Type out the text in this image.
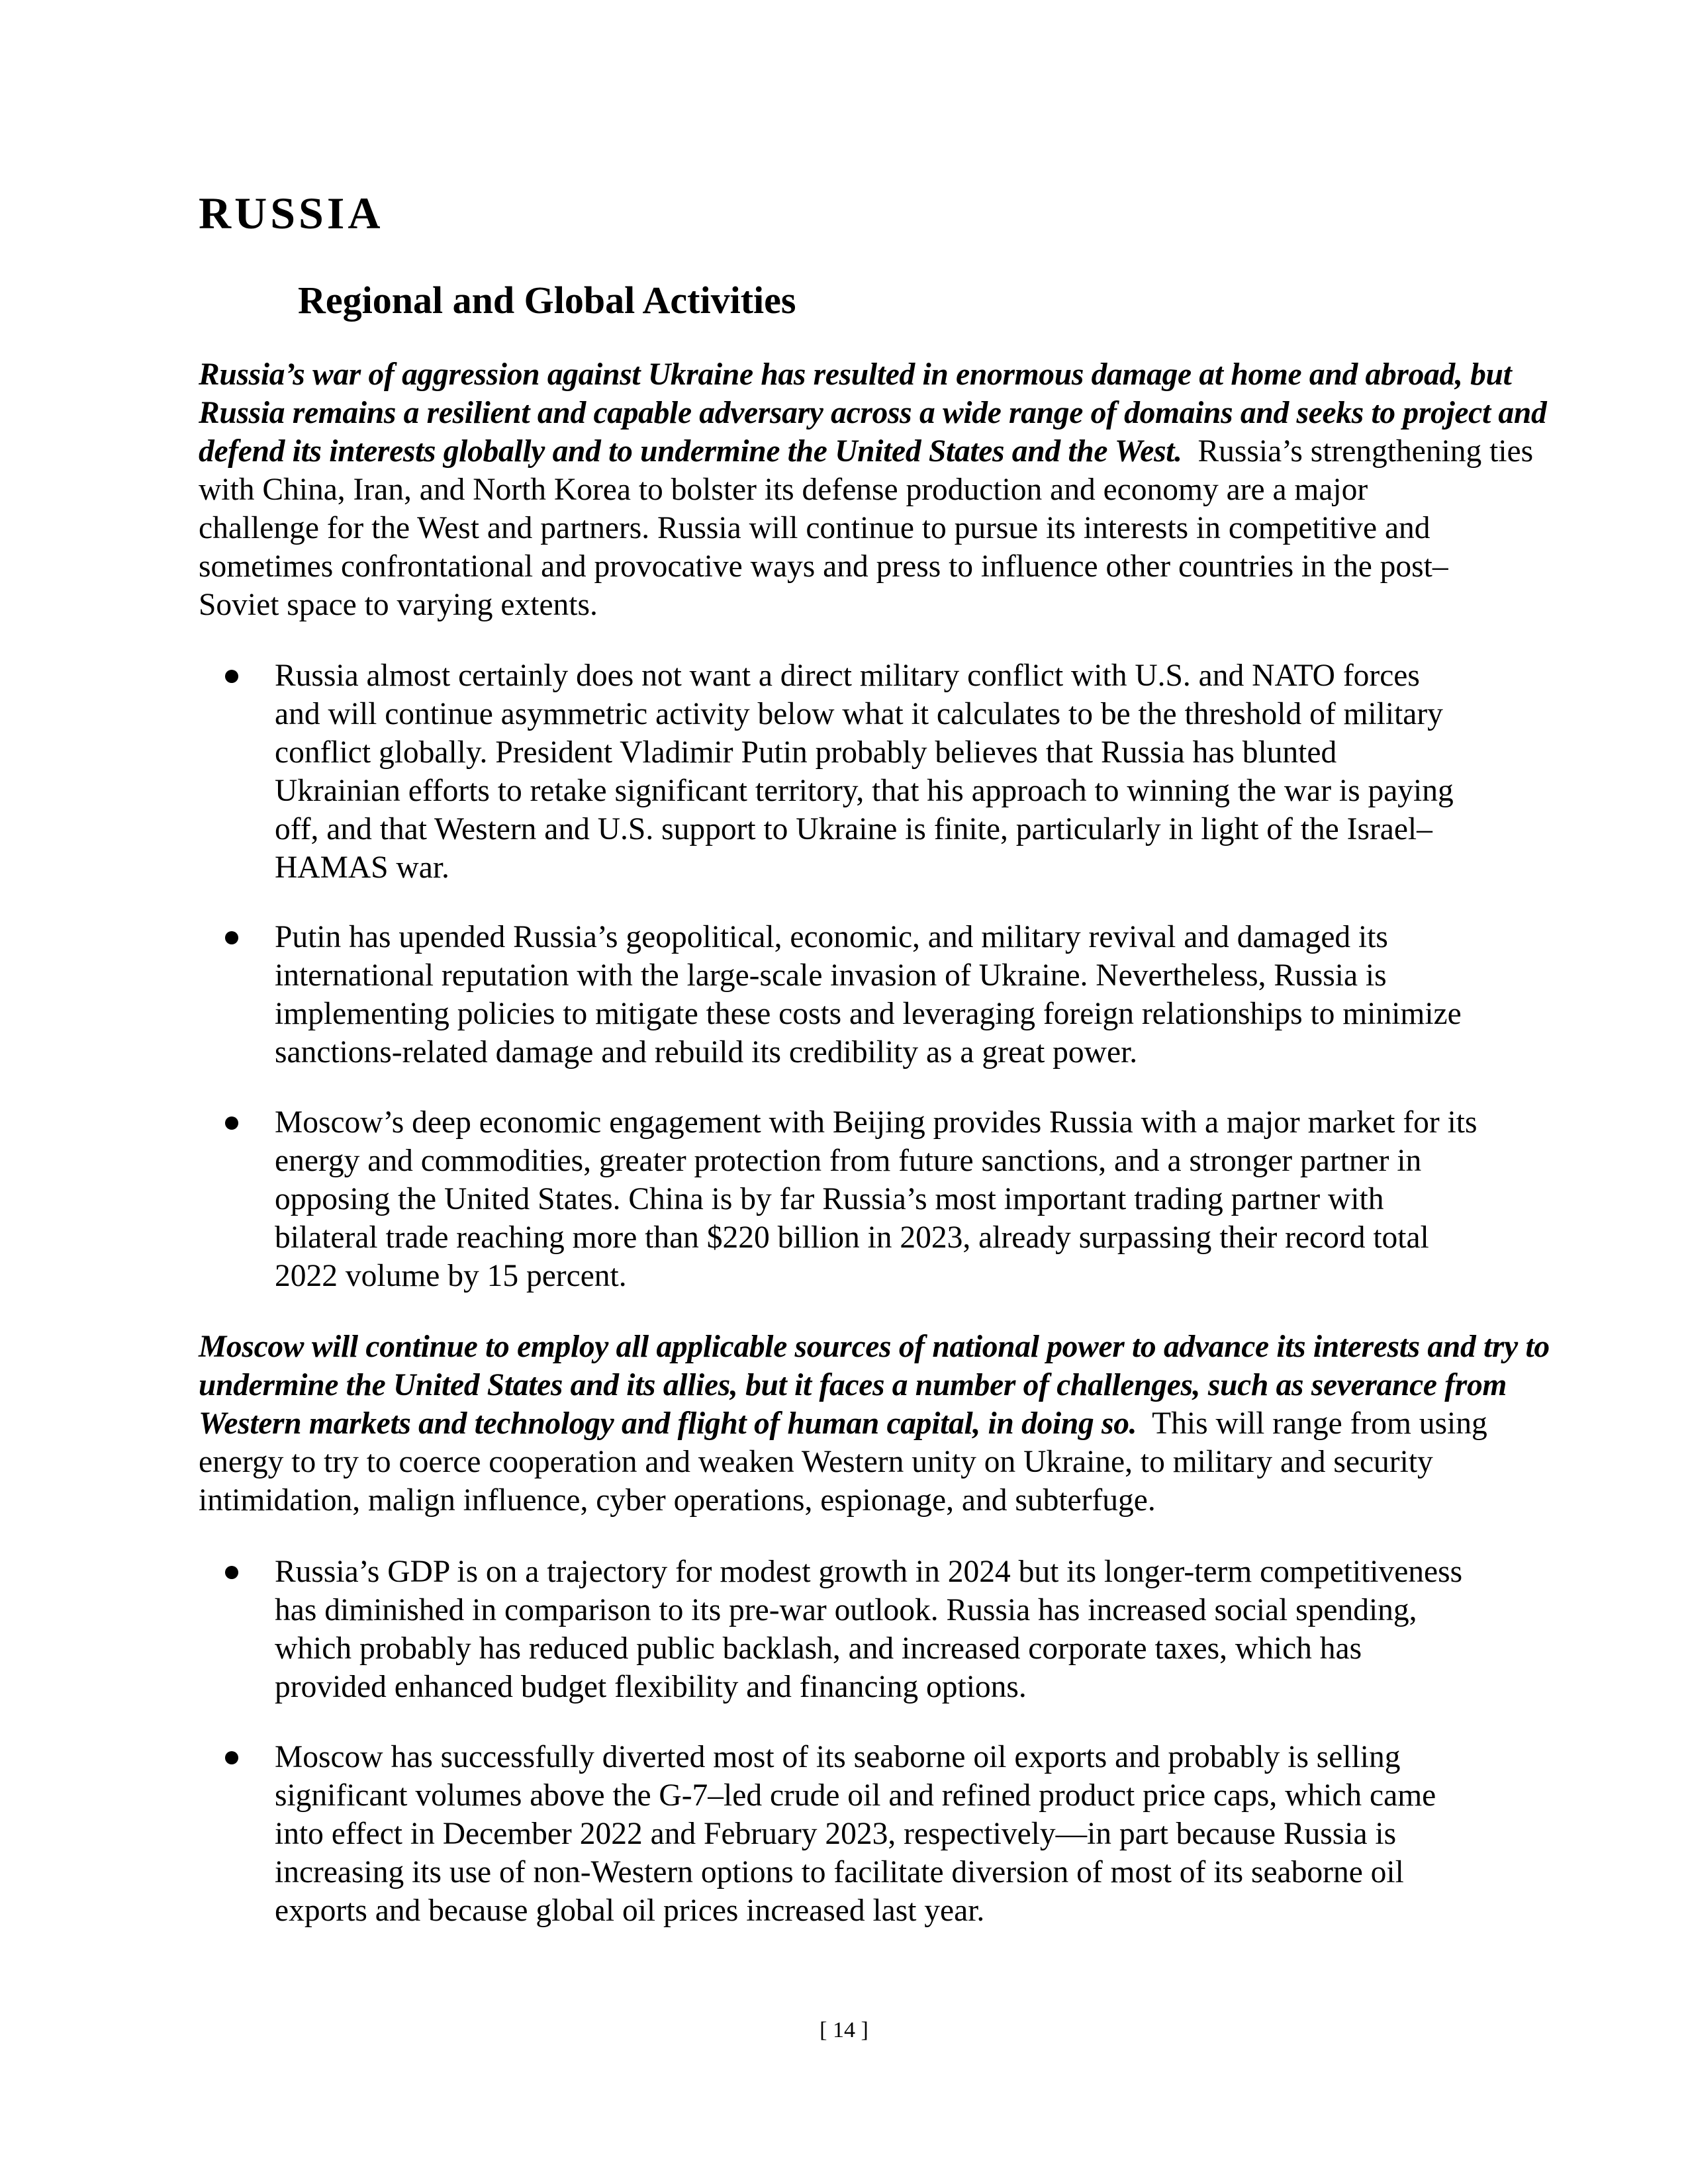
RUSSIA
Regional and Global Activities

Russia’s war of aggression against Ukraine has resulted in enormous damage at home and abroad, but
Russia remains a resilient and capable adversary across a wide range of domains and seeks to project and
defend its interests globally and to undermine the United States and the West.  Russia’s strengthening ties
with China, Iran, and North Korea to bolster its defense production and economy are a major
challenge for the West and partners. Russia will continue to pursue its interests in competitive and
sometimes confrontational and provocative ways and press to influence other countries in the post–
Soviet space to varying extents.

Russia almost certainly does not want a direct military conflict with U.S. and NATO forces
and will continue asymmetric activity below what it calculates to be the threshold of military
conflict globally. President Vladimir Putin probably believes that Russia has blunted
Ukrainian efforts to retake significant territory, that his approach to winning the war is paying
off, and that Western and U.S. support to Ukraine is finite, particularly in light of the Israel–
HAMAS war.
Putin has upended Russia’s geopolitical, economic, and military revival and damaged its
international reputation with the large-scale invasion of Ukraine. Nevertheless, Russia is
implementing policies to mitigate these costs and leveraging foreign relationships to minimize
sanctions-related damage and rebuild its credibility as a great power.
Moscow’s deep economic engagement with Beijing provides Russia with a major market for its
energy and commodities, greater protection from future sanctions, and a stronger partner in
opposing the United States. China is by far Russia’s most important trading partner with
bilateral trade reaching more than $220 billion in 2023, already surpassing their record total
2022 volume by 15 percent.

Moscow will continue to employ all applicable sources of national power to advance its interests and try to
undermine the United States and its allies, but it faces a number of challenges, such as severance from
Western markets and technology and flight of human capital, in doing so.  This will range from using
energy to try to coerce cooperation and weaken Western unity on Ukraine, to military and security
intimidation, malign influence, cyber operations, espionage, and subterfuge.

Russia’s GDP is on a trajectory for modest growth in 2024 but its longer-term competitiveness
has diminished in comparison to its pre-war outlook. Russia has increased social spending,
which probably has reduced public backlash, and increased corporate taxes, which has
provided enhanced budget flexibility and financing options.
Moscow has successfully diverted most of its seaborne oil exports and probably is selling
significant volumes above the G-7–led crude oil and refined product price caps, which came
into effect in December 2022 and February 2023, respectively—in part because Russia is
increasing its use of non-Western options to facilitate diversion of most of its seaborne oil
exports and because global oil prices increased last year.
[ 14 ]
